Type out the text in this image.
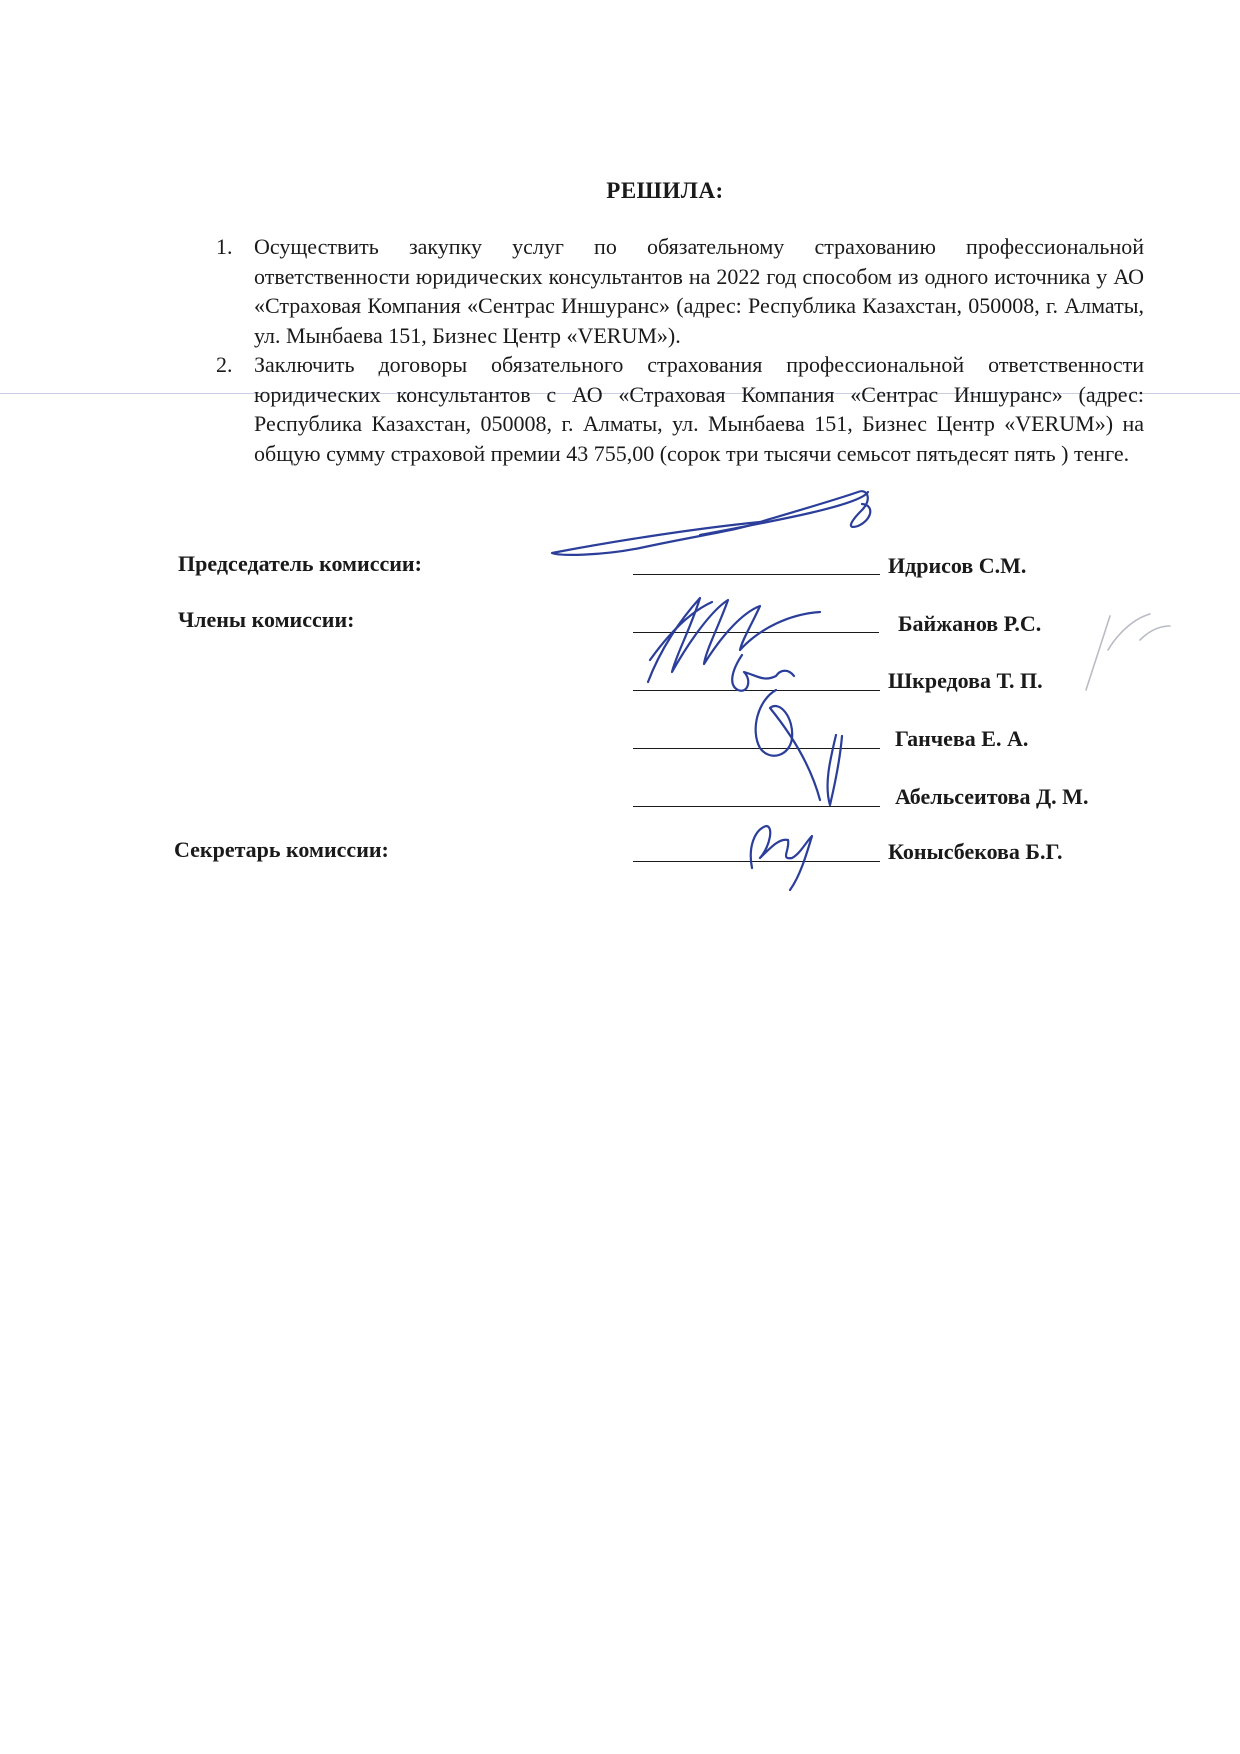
РЕШИЛА:
1. Осуществить закупку услуг по обязательному страхованию профессиональной ответственности юридических консультантов на 2022 год способом из одного источника у АО «Страховая Компания «Сентрас Иншуранс» (адрес: Республика Казахстан, 050008, г. Алматы, ул. Мынбаева 151, Бизнес Центр «VERUM»).
2. Заключить договоры обязательного страхования профессиональной ответственности юридических консультантов с АО «Страховая Компания «Сентрас Иншуранс» (адрес: Республика Казахстан, 050008, г. Алматы, ул. Мынбаева 151, Бизнес Центр «VERUM») на общую сумму страховой премии 43 755,00 (сорок три тысячи семьсот пятьдесят пять ) тенге.
Председатель комиссии:	Идрисов С.М.
Члены комиссии:	Байжанов Р.С.
Шкредова Т. П.
Ганчева Е. А.
Абельсеитова Д. М.
Секретарь комиссии:	Конысбекова Б.Г.
